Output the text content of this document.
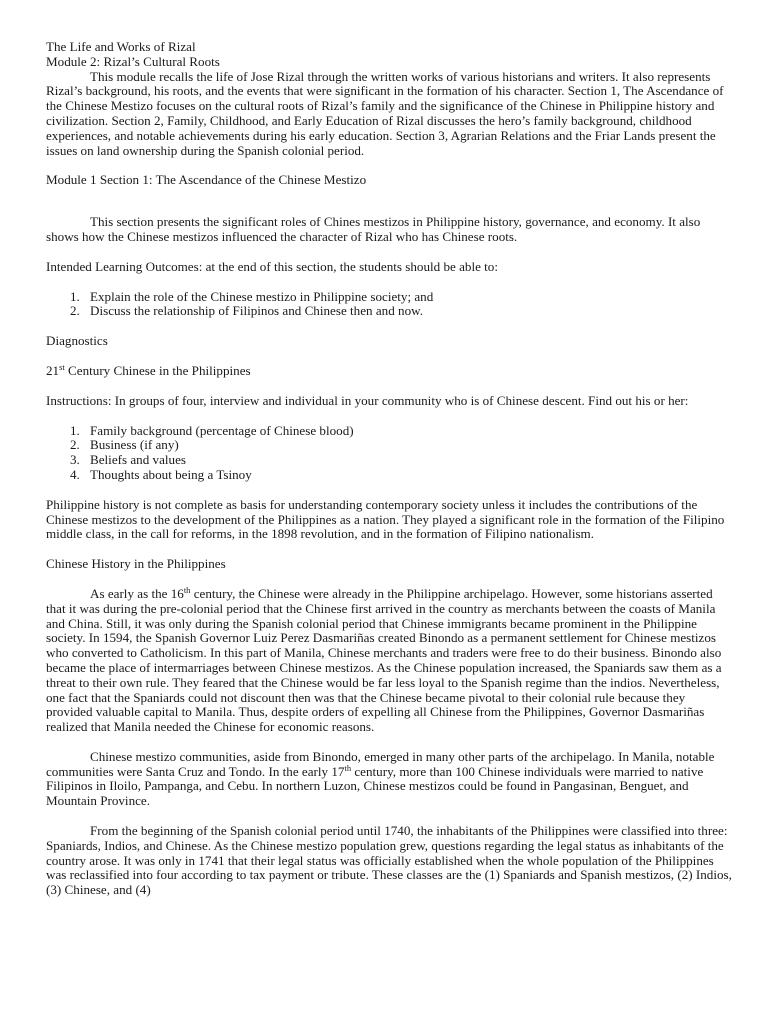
The Life and Works of Rizal

Module 2: Rizal’s Cultural Roots

This module recalls the life of Jose Rizal through the written works of various historians and writers. It also represents Rizal’s background, his roots, and the events that were significant in the formation of his character. Section 1, The Ascendance of the Chinese Mestizo focuses on the cultural roots of Rizal’s family and the significance of the Chinese in Philippine history and civilization. Section 2, Family, Childhood, and Early Education of Rizal discusses the hero’s family background, childhood experiences, and notable achievements during his early education. Section 3, Agrarian Relations and the Friar Lands present the issues on land ownership during the Spanish colonial period.

Module 1 Section 1: The Ascendance of the Chinese Mestizo

This section presents the significant roles of Chines mestizos in Philippine history, governance, and economy. It also shows how the Chinese mestizos influenced the character of Rizal who has Chinese roots.

Intended Learning Outcomes: at the end of this section, the students should be able to:

1. Explain the role of the Chinese mestizo in Philippine society; and
2. Discuss the relationship of Filipinos and Chinese then and now.

Diagnostics

21st Century Chinese in the Philippines

Instructions: In groups of four, interview and individual in your community who is of Chinese descent. Find out his or her:

1. Family background (percentage of Chinese blood)
2. Business (if any)
3. Beliefs and values
4. Thoughts about being a Tsinoy

Philippine history is not complete as basis for understanding contemporary society unless it includes the contributions of the Chinese mestizos to the development of the Philippines as a nation. They played a significant role in the formation of the Filipino middle class, in the call for reforms, in the 1898 revolution, and in the formation of Filipino nationalism.

Chinese History in the Philippines

As early as the 16th century, the Chinese were already in the Philippine archipelago. However, some historians asserted that it was during the pre-colonial period that the Chinese first arrived in the country as merchants between the coasts of Manila and China. Still, it was only during the Spanish colonial period that Chinese immigrants became prominent in the Philippine society. In 1594, the Spanish Governor Luiz Perez Dasmariñas created Binondo as a permanent settlement for Chinese mestizos who converted to Catholicism. In this part of Manila, Chinese merchants and traders were free to do their business. Binondo also became the place of intermarriages between Chinese mestizos. As the Chinese population increased, the Spaniards saw them as a threat to their own rule. They feared that the Chinese would be far less loyal to the Spanish regime than the indios. Nevertheless, one fact that the Spaniards could not discount then was that the Chinese became pivotal to their colonial rule because they provided valuable capital to Manila. Thus, despite orders of expelling all Chinese from the Philippines, Governor Dasmariñas realized that Manila needed the Chinese for economic reasons.

Chinese mestizo communities, aside from Binondo, emerged in many other parts of the archipelago. In Manila, notable communities were Santa Cruz and Tondo. In the early 17th century, more than 100 Chinese individuals were married to native Filipinos in Iloilo, Pampanga, and Cebu. In northern Luzon, Chinese mestizos could be found in Pangasinan, Benguet, and Mountain Province.

From the beginning of the Spanish colonial period until 1740, the inhabitants of the Philippines were classified into three: Spaniards, Indios, and Chinese. As the Chinese mestizo population grew, questions regarding the legal status as inhabitants of the country arose. It was only in 1741 that their legal status was officially established when the whole population of the Philippines was reclassified into four according to tax payment or tribute. These classes are the (1) Spaniards and Spanish mestizos, (2) Indios, (3) Chinese, and (4)
